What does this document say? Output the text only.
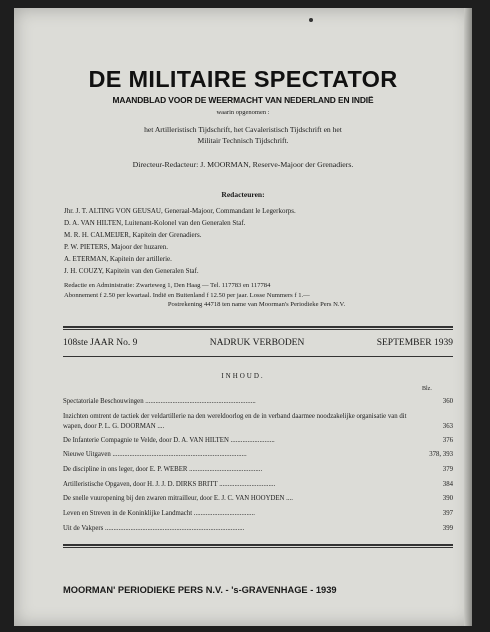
DE MILITAIRE SPECTATOR
MAANDBLAD VOOR DE WEERMACHT VAN NEDERLAND EN INDIË
waarin opgenomen :
het Artilleristisch Tijdschrift, het Cavaleristisch Tijdschrift en het
Militair Technisch Tijdschrift.
Directeur-Redacteur: J. MOORMAN, Reserve-Majoor der Grenadiers.
Redacteuren:
Jhr. J. T. ALTING VON GEUSAU, Generaal-Majoor, Commandant le Legerkorps.
D. A. VAN HILTEN, Luitenant-Kolonel van den Generalen Staf.
M. R. H. CALMEIJER, Kapitein der Grenadiers.
P. W. PIETERS, Majoor der huzaren.
A. ETERMAN, Kapitein der artillerie.
J. H. COUZY, Kapitein van den Generalen Staf.
Redactie en Administratie: Zwarteweg 1, Den Haag — Tel. 117783 en 117784
Abonnement f 2.50 per kwartaal. Indië en Buitenland f 12.50 per jaar. Losse Nummers f 1.—
Postrekening 44718 ten name van Moorman's Periodieke Pers N.V.
108ste JAAR No. 9	NADRUK VERBODEN	SEPTEMBER 1939
INHOUD.
Blz.
Spectatoriale Beschouwingen .................................................................	360
Inzichten omtrent de tactiek der veldartillerie na den wereldoorlog en de in verband daarmee noodzakelijke organisatie van dit wapen, door P. L. G. DOORMAN ....	363
De Infanterie Compagnie te Velde, door D. A. VAN HILTEN ..........................	376
Nieuwe Uitgaven ...............................................................................	378, 393
De discipline in ons leger, door E. P. WEBER ...........................................	379
Artilleristische Opgaven, door H. J. J. D. DIRKS BRITT .................................	384
De snelle vuuropening bij den zwaren mitrailleur, door E. J. C. VAN HOOYDEN ....	390
Leven en Streven in de Koninklijke Landmacht ....................................	397
Uit de Vakpers ..................................................................................	399
MOORMAN' PERIODIEKE PERS N.V. - 's-GRAVENHAGE - 1939
